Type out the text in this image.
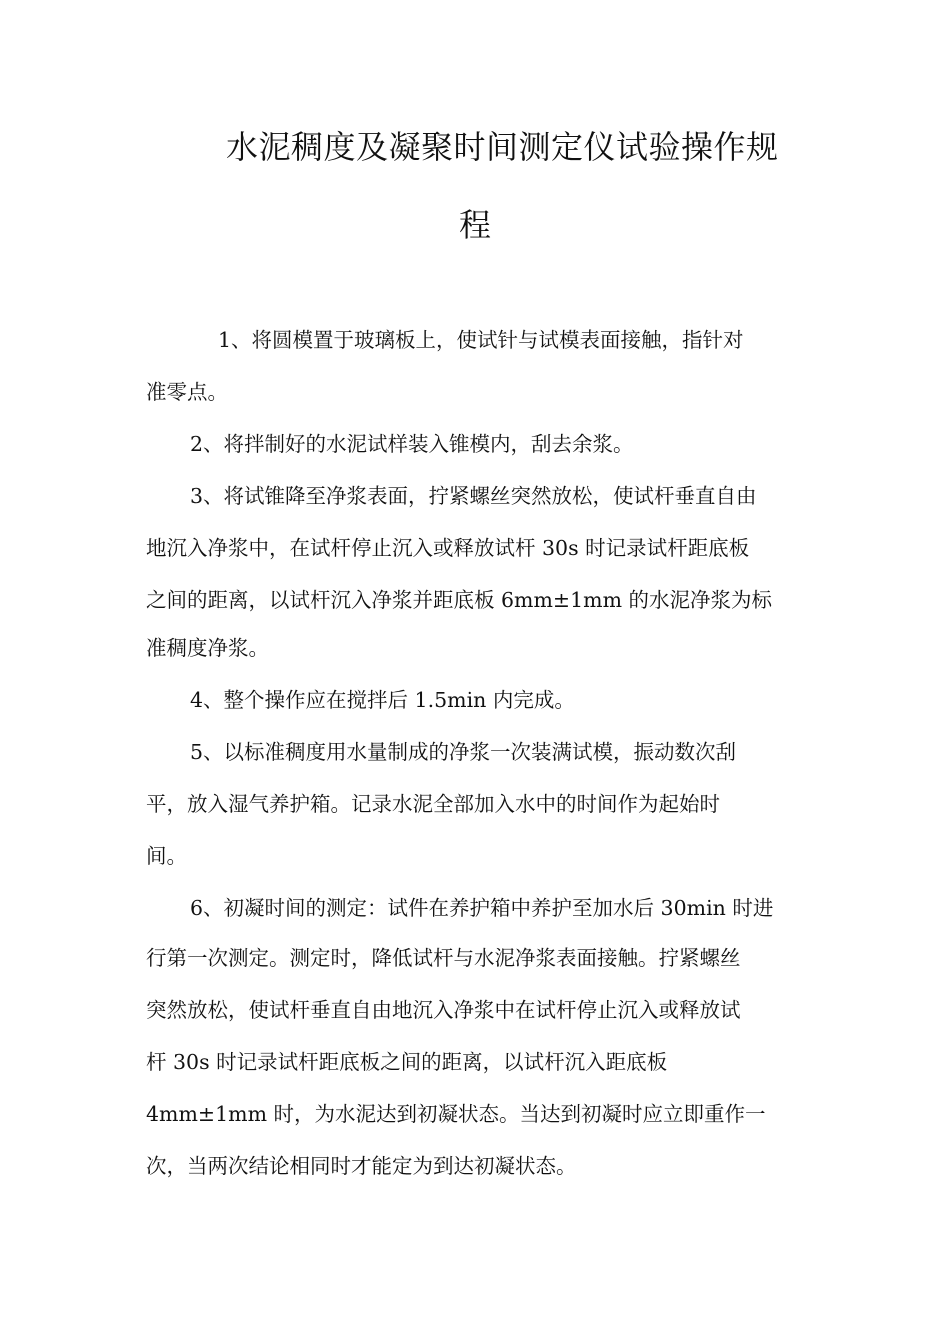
水泥稠度及凝聚时间测定仪试验操作规
程
1、将圆模置于玻璃板上，使试针与试模表面接触，指针对
准零点。
2、将拌制好的水泥试样装入锥模内，刮去余浆。
3、将试锥降至净浆表面，拧紧螺丝突然放松，使试杆垂直自由
地沉入净浆中，在试杆停止沉入或释放试杆 30s 时记录试杆距底板
之间的距离，以试杆沉入净浆并距底板 6mm±1mm 的水泥净浆为标
准稠度净浆。
4、整个操作应在搅拌后 1.5min 内完成。
5、以标准稠度用水量制成的净浆一次装满试模，振动数次刮
平，放入湿气养护箱。记录水泥全部加入水中的时间作为起始时
间。
6、初凝时间的测定：试件在养护箱中养护至加水后 30min 时进
行第一次测定。测定时，降低试杆与水泥净浆表面接触。拧紧螺丝
突然放松，使试杆垂直自由地沉入净浆中在试杆停止沉入或释放试
杆 30s 时记录试杆距底板之间的距离，以试杆沉入距底板
4mm±1mm 时，为水泥达到初凝状态。当达到初凝时应立即重作一
次，当两次结论相同时才能定为到达初凝状态。
